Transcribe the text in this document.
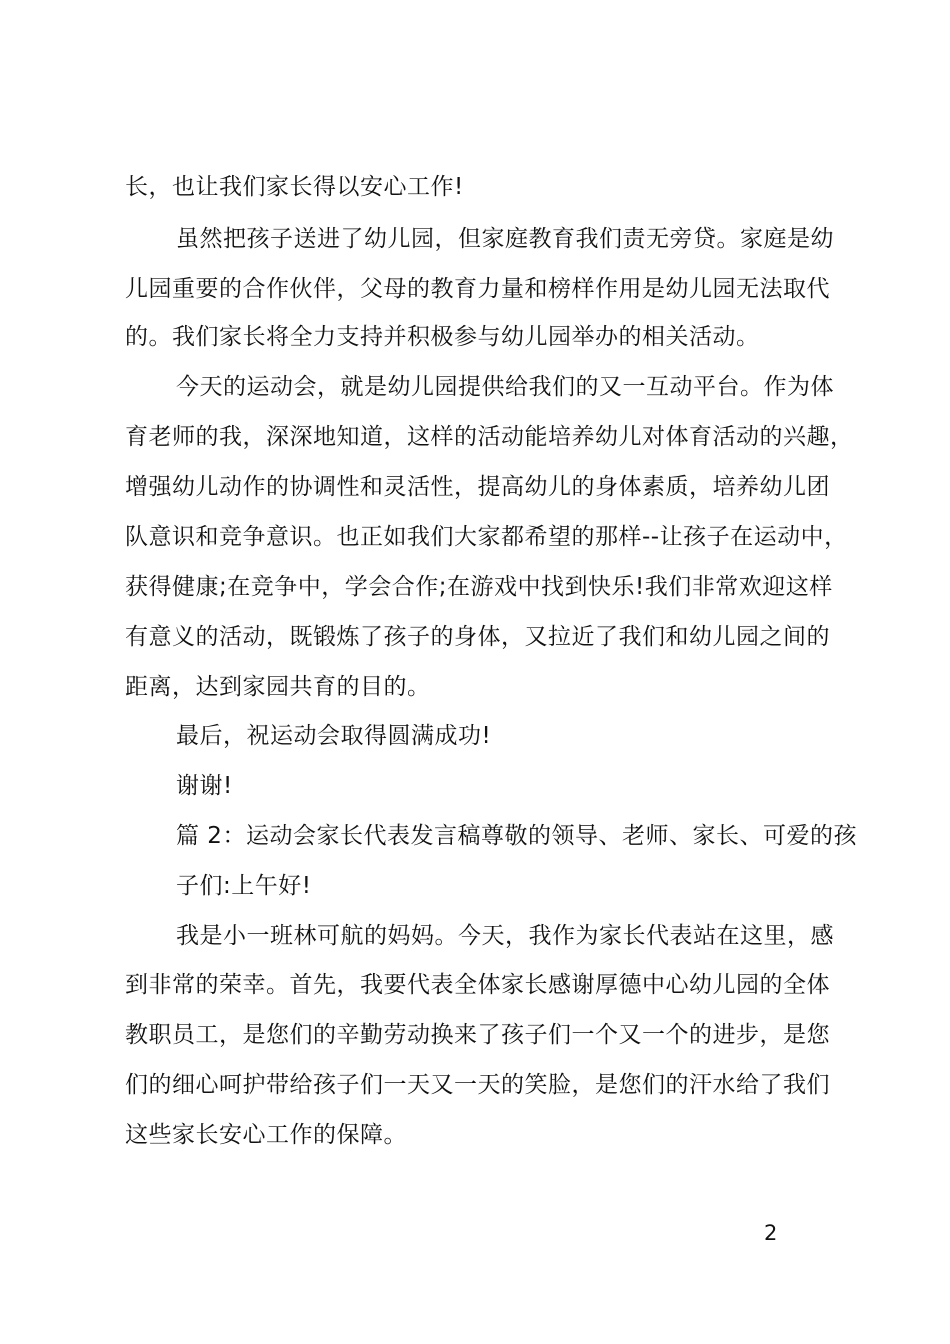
长，也让我们家长得以安心工作!
虽然把孩子送进了幼儿园，但家庭教育我们责无旁贷。家庭是幼
儿园重要的合作伙伴，父母的教育力量和榜样作用是幼儿园无法取代
的。我们家长将全力支持并积极参与幼儿园举办的相关活动。
今天的运动会，就是幼儿园提供给我们的又一互动平台。作为体
育老师的我，深深地知道，这样的活动能培养幼儿对体育活动的兴趣，
增强幼儿动作的协调性和灵活性，提高幼儿的身体素质，培养幼儿团
队意识和竞争意识。也正如我们大家都希望的那样--让孩子在运动中，
获得健康;在竞争中，学会合作;在游戏中找到快乐!我们非常欢迎这样
有意义的活动，既锻炼了孩子的身体，又拉近了我们和幼儿园之间的
距离，达到家园共育的目的。
最后，祝运动会取得圆满成功!
谢谢!
篇 2：运动会家长代表发言稿尊敬的领导、老师、家长、可爱的孩
子们:上午好!
我是小一班林可航的妈妈。今天，我作为家长代表站在这里，感
到非常的荣幸。首先，我要代表全体家长感谢厚德中心幼儿园的全体
教职员工，是您们的辛勤劳动换来了孩子们一个又一个的进步，是您
们的细心呵护带给孩子们一天又一天的笑脸，是您们的汗水给了我们
这些家长安心工作的保障。
2
